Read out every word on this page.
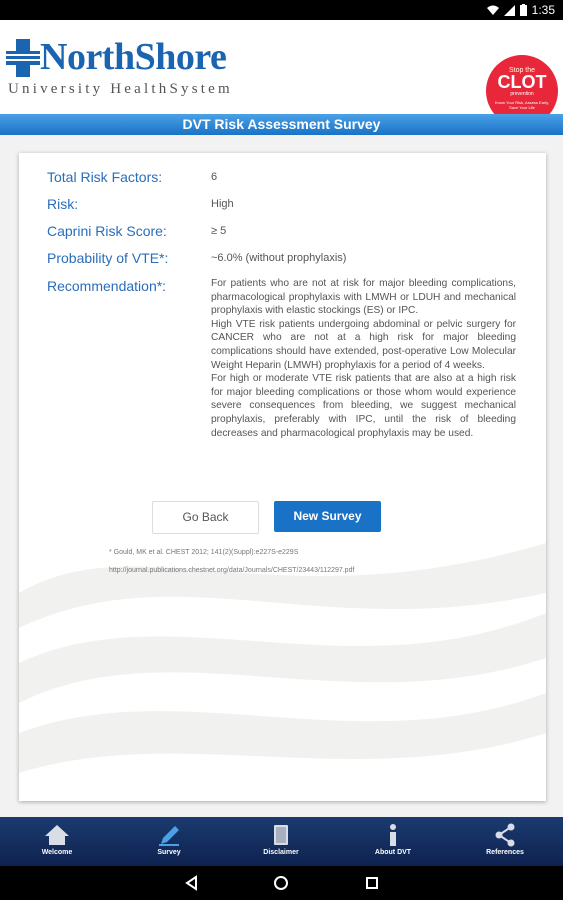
1:35
NorthShore
University HealthSystem
Stop the
CLOT
prevention
Know Your Risk, Assess Early, Save Your Life
DVT Risk Assessment Survey
Total Risk Factors:	6
Risk:	High
Caprini Risk Score:	≥ 5
Probability of VTE*:	~6.0% (without prophylaxis)
Recommendation*:	For patients who are not at risk for major bleeding complications, pharmacological prophylaxis with LMWH or LDUH and mechanical prophylaxis with elastic stockings (ES) or IPC.

High VTE risk patients undergoing abdominal or pelvic surgery for CANCER who are not at a high risk for major bleeding complications should have extended, post-operative Low Molecular Weight Heparin (LMWH) prophylaxis for a period of 4 weeks.

For high or moderate VTE risk patients that are also at a high risk for major bleeding complications or those whom would experience severe consequences from bleeding, we suggest mechanical prophylaxis, preferably with IPC, until the risk of bleeding decreases and pharmacological prophylaxis may be used.

Go Back	New Survey
* Gould, MK et al. CHEST 2012; 141(2)(Suppl):e227S-e229S
http://journal.publications.chestnet.org/data/Journals/CHEST/23443/112297.pdf
Welcome	Survey	Disclaimer	About DVT	References
